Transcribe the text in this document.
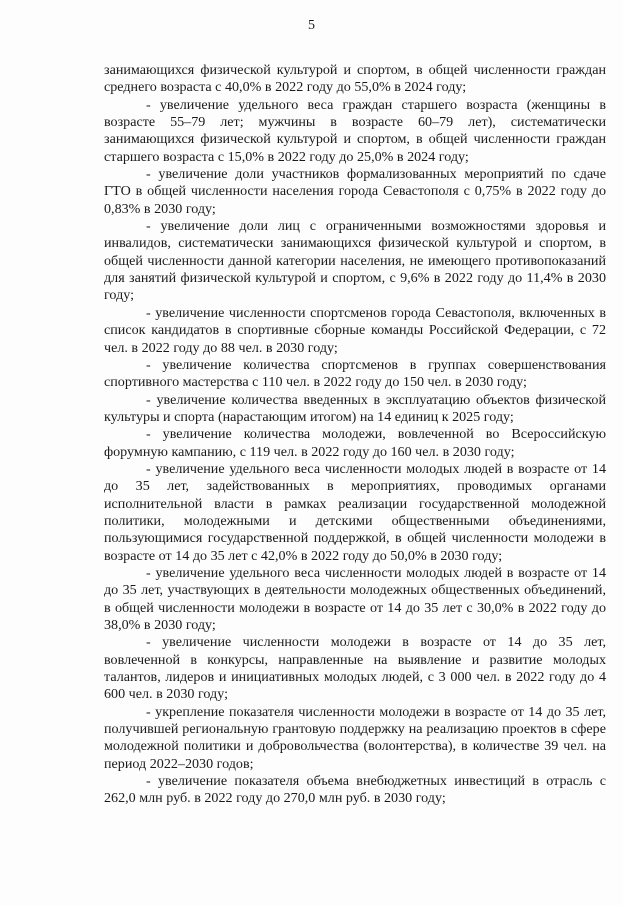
5

занимающихся физической культурой и спортом, в общей численности граждан среднего возраста с 40,0% в 2022 году до 55,0% в 2024 году;

- увеличение удельного веса граждан старшего возраста (женщины в возрасте 55–79 лет; мужчины в возрасте 60–79 лет), систематически занимающихся физической культурой и спортом, в общей численности граждан старшего возраста с 15,0% в 2022 году до 25,0% в 2024 году;

- увеличение доли участников формализованных мероприятий по сдаче ГТО в общей численности населения города Севастополя с 0,75% в 2022 году до 0,83% в 2030 году;

- увеличение доли лиц с ограниченными возможностями здоровья и инвалидов, систематически занимающихся физической культурой и спортом, в общей численности данной категории населения, не имеющего противопоказаний для занятий физической культурой и спортом, с 9,6% в 2022 году до 11,4% в 2030 году;

- увеличение численности спортсменов города Севастополя, включенных в список кандидатов в спортивные сборные команды Российской Федерации, с 72 чел. в 2022 году до 88 чел. в 2030 году;

- увеличение количества спортсменов в группах совершенствования спортивного мастерства с 110 чел. в 2022 году до 150 чел. в 2030 году;

- увеличение количества введенных в эксплуатацию объектов физической культуры и спорта (нарастающим итогом) на 14 единиц к 2025 году;

- увеличение количества молодежи, вовлеченной во Всероссийскую форумную кампанию, с 119 чел. в 2022 году до 160 чел. в 2030 году;

- увеличение удельного веса численности молодых людей в возрасте от 14 до 35 лет, задействованных в мероприятиях, проводимых органами исполнительной власти в рамках реализации государственной молодежной политики, молодежными и детскими общественными объединениями, пользующимися государственной поддержкой, в общей численности молодежи в возрасте от 14 до 35 лет с 42,0% в 2022 году до 50,0% в 2030 году;

- увеличение удельного веса численности молодых людей в возрасте от 14 до 35 лет, участвующих в деятельности молодежных общественных объединений, в общей численности молодежи в возрасте от 14 до 35 лет с 30,0% в 2022 году до 38,0% в 2030 году;

- увеличение численности молодежи в возрасте от 14 до 35 лет, вовлеченной в конкурсы, направленные на выявление и развитие молодых талантов, лидеров и инициативных молодых людей, с 3 000 чел. в 2022 году до 4 600 чел. в 2030 году;

- укрепление показателя численности молодежи в возрасте от 14 до 35 лет, получившей региональную грантовую поддержку на реализацию проектов в сфере молодежной политики и добровольчества (волонтерства), в количестве 39 чел. на период 2022–2030 годов;

- увеличение показателя объема внебюджетных инвестиций в отрасль с 262,0 млн руб. в 2022 году до 270,0 млн руб. в 2030 году;
